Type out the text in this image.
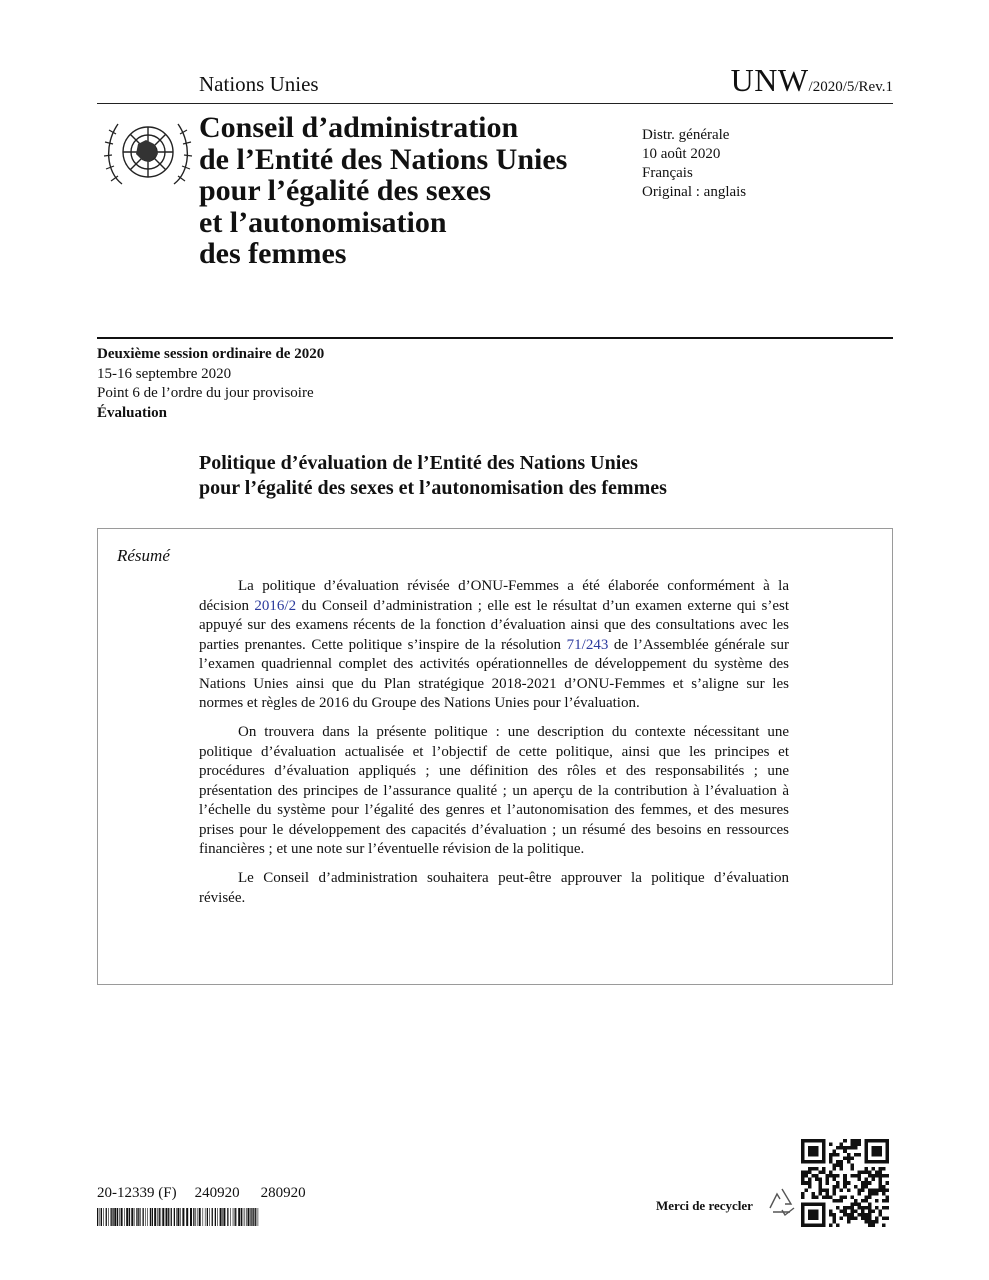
Nations Unies	UNW/2020/5/Rev.1
Conseil d’administration
de l’Entité des Nations Unies
pour l’égalité des sexes
et l’autonomisation
des femmes
Distr. générale
10 août 2020
Français
Original : anglais
Deuxième session ordinaire de 2020
15-16 septembre 2020
Point 6 de l’ordre du jour provisoire
Évaluation
Politique d’évaluation de l’Entité des Nations Unies
pour l’égalité des sexes et l’autonomisation des femmes
Résumé

La politique d’évaluation révisée d’ONU-Femmes a été élaborée conformément à la décision 2016/2 du Conseil d’administration ; elle est le résultat d’un examen externe qui s’est appuyé sur des examens récents de la fonction d’évaluation ainsi que des consultations avec les parties prenantes. Cette politique s’inspire de la résolution 71/243 de l’Assemblée générale sur l’examen quadriennal complet des activités opérationnelles de développement du système des Nations Unies ainsi que du Plan stratégique 2018-2021 d’ONU-Femmes et s’aligne sur les normes et règles de 2016 du Groupe des Nations Unies pour l’évaluation.

On trouvera dans la présente politique : une description du contexte nécessitant une politique d’évaluation actualisée et l’objectif de cette politique, ainsi que les principes et procédures d’évaluation appliqués ; une définition des rôles et des responsabilités ; une présentation des principes de l’assurance qualité ; un aperçu de la contribution à l’évaluation à l’échelle du système pour l’égalité des genres et l’autonomisation des femmes, et des mesures prises pour le développement des capacités d’évaluation ; un résumé des besoins en ressources financières ; et une note sur l’éventuelle révision de la politique.

Le Conseil d’administration souhaitera peut-être approuver la politique d’évaluation révisée.

20-12339 (F) 240920 280920
Merci de recycler
